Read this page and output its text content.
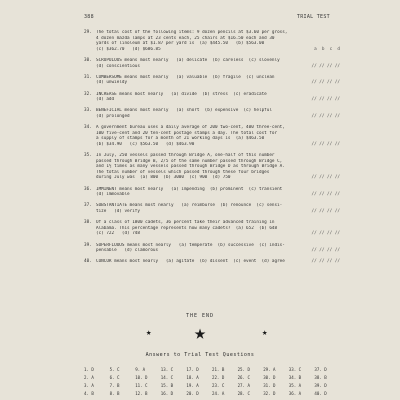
388	TRIAL TEST
29. The total cost of the following items: 9 dozen pencils at $3.60 per gross,
4 dozen mazda lamps at 23 cents each, 25 chairs at $16.50 each and 30
yards of linoleum at $1.87 per yard is  (a) $445.50   (b) $563.00
(c) $362.70   (d) $686.85	a  b  c  d
30. SCRUPULOUS means most nearly   (a) delicate  (b) careless  (c) slovenly
(d) conscientious	// // // //
31. CUMBERSOME means most nearly   (a) valuable  (b) fragile  (c) unclean
(d) unwieldy	// // // //
32. INCREASE means most nearly   (a) divide  (b) stress  (c) eradicate
(d) add	// // // //
33. BENEFICIAL means most nearly   (a) short  (b) expensive  (c) helpful
(d) prolonged	// // // //
34. A government bureau uses a daily average of 200 two-cent, 400 three-cent,
100 five-cent and 20 ten-cent postage stamps a day. The total cost for
a supply of stamps for a month of 21 working days is  (a) $463.50
(b) $34.90   (c) $563.50   (d) $463.90	// // // //
35. In July, 250 vessels passed through Bridge A, one-half of this number
passed through Bridge B, 2/5 of the same number passed through Bridge C,
and 1½ times as many vessels passed through Bridge D as through Bridge A.
The total number of vessels which passed through these four bridges
during July was  (a) 800  (b) 3000  (c) 900  (d) 750	// // // //
36. IMMINENT means most nearly   (a) impending  (b) prominent  (c) transient
(d) immovable	// // // //
37. SUBSTANTIATE means most nearly   (a) reimburse  (b) renounce  (c) sensi-
tize   (d) verify	// // // //
38. Of a class of 1800 cadets, 36 percent take their advanced training in
Alabama. This percentage represents how many cadets?  (a) 652  (b) 648
(c) 722   (d) 748	// // // //
39. SUPERFLUOUS means most nearly   (a) temperate  (b) successive  (c) indis-
pensable   (d) clamorous	// // // //
40. CONCUR means most nearly   (a) agitate  (b) dissent  (c) event  (d) agree	// // // //
THE END
★ ★	★
Answers to Trial Test Questions
1. D	5. C	9. A	13. C	17. D	21. B	25. D	29. A	33. C	37. D
2. A	6. C	10. D	14. C	18. A	22. D	26. C	30. D	34. B	38. B
3. A	7. B	11. C	15. B	19. A	23. C	27. A	31. D	35. A	39. D
4. B	8. B	12. B	16. D	20. D	24. A	28. C	32. D	36. A	40. D
